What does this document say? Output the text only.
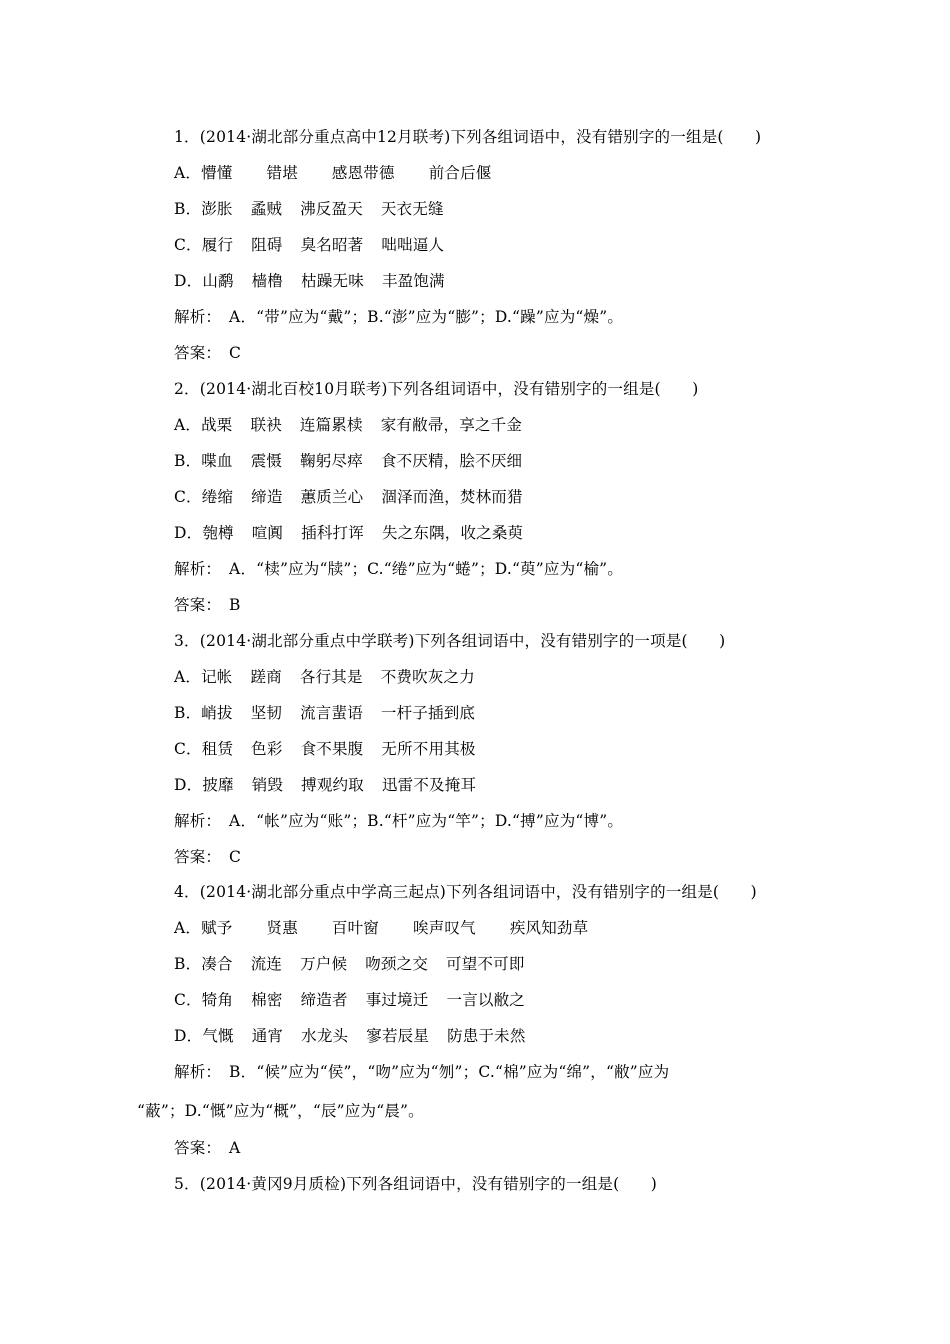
1．(2014·湖北部分重点高中12月联考)下列各组词语中，没有错别字的一组是(　　)
A．懵懂 错堪 感恩带德 前合后偃
B．澎胀 蟊贼 沸反盈天 天衣无缝
C．履行 阻碍 臭名昭著 咄咄逼人
D．山鹬 樯橹 枯躁无味 丰盈饱满
解析：　A．“带”应为“戴”；B.“澎”应为“膨”；D.“躁”应为“燥”。
答案：　C
2．(2014·湖北百校10月联考)下列各组词语中，没有错别字的一组是(　　)
A．战栗 联袂 连篇累椟 家有敝帚，享之千金
B．喋血 震慑 鞠躬尽瘁 食不厌精，脍不厌细
C．绻缩 缔造 蕙质兰心 涸泽而渔，焚林而猎
D．匏樽 喧阗 插科打诨 失之东隅，收之桑萸
解析：　A．“椟”应为“牍”；C.“绻”应为“蜷”；D.“萸”应为“榆”。
答案：　B
3．(2014·湖北部分重点中学联考)下列各组词语中，没有错别字的一项是(　　)
A．记帐 蹉商 各行其是 不费吹灰之力
B．峭拔 坚韧 流言蜚语 一杆子插到底
C．租赁 色彩 食不果腹 无所不用其极
D．披靡 销毁 搏观约取 迅雷不及掩耳
解析：　A．“帐”应为“账”；B.“杆”应为“竿”；D.“搏”应为“博”。
答案：　C
4．(2014·湖北部分重点中学高三起点)下列各组词语中，没有错别字的一组是(　　)
A．赋予 贤惠 百叶窗 唉声叹气 疾风知劲草
B．凑合 流连 万户候 吻颈之交 可望不可即
C．犄角 棉密 缔造者 事过境迁 一言以敝之
D．气慨 通宵 水龙头 寥若辰星 防患于未然
解析：　B．“候”应为“侯”，“吻”应为“刎”；C.“棉”应为“绵”，“敝”应为
“蔽”；D.“慨”应为“概”，“辰”应为“晨”。
答案：　A
5．(2014·黄冈9月质检)下列各组词语中，没有错别字的一组是(　　)
